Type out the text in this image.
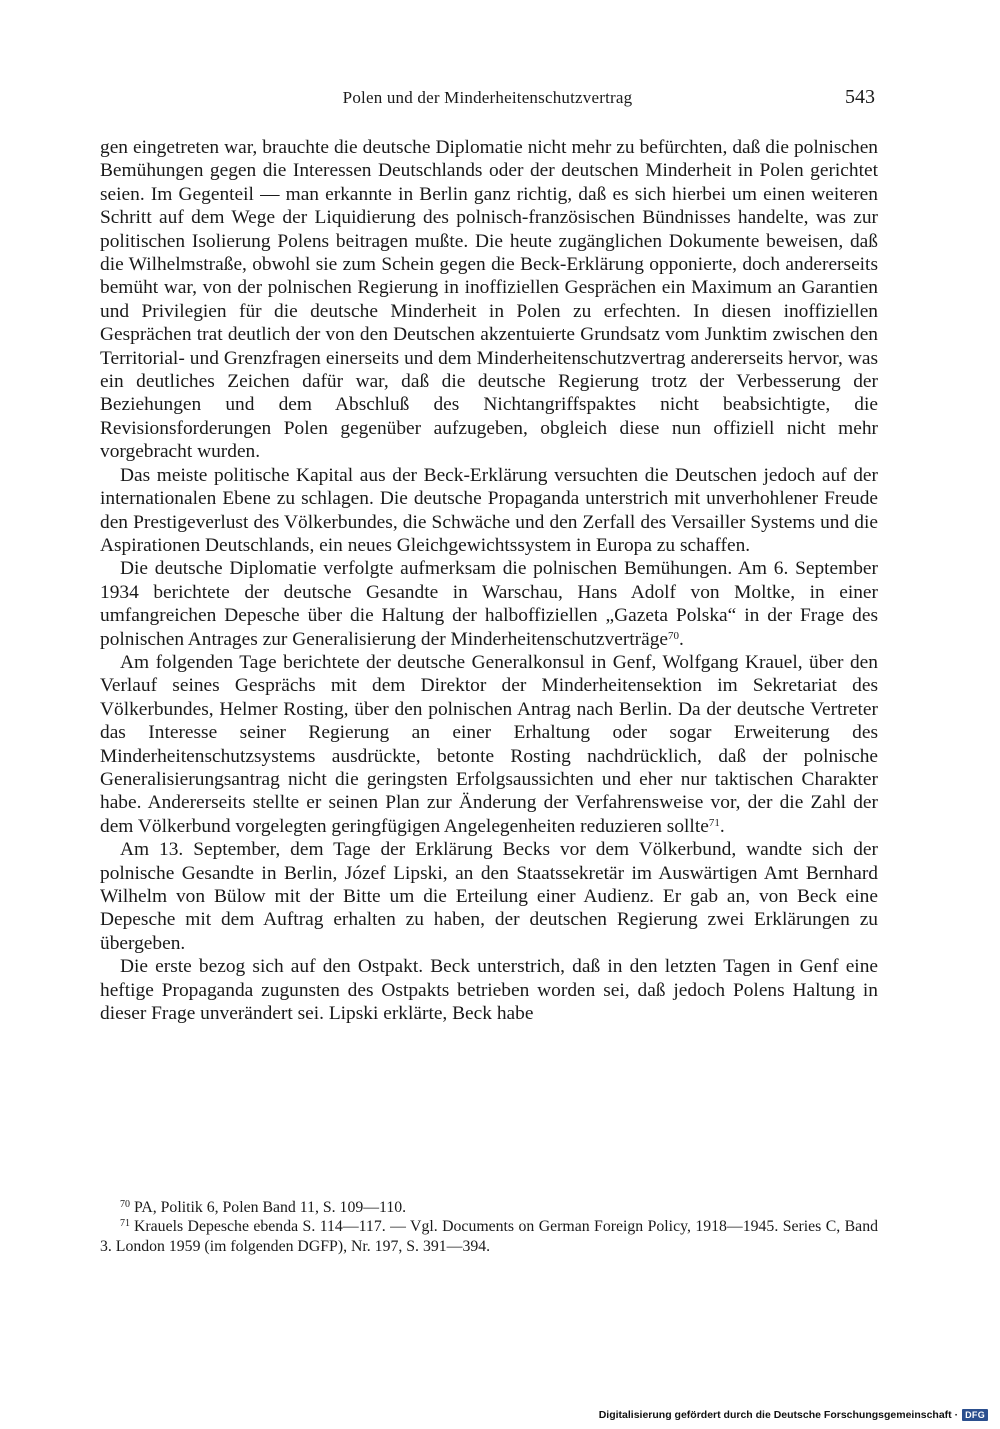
Polen und der Minderheitenschutzvertrag	543

gen eingetreten war, brauchte die deutsche Diplomatie nicht mehr zu befürchten, daß die polnischen Bemühungen gegen die Interessen Deutschlands oder der deutschen Minderheit in Polen gerichtet seien. Im Gegenteil — man erkannte in Berlin ganz richtig, daß es sich hierbei um einen weiteren Schritt auf dem Wege der Liquidierung des polnisch-französischen Bündnisses handelte, was zur politischen Isolierung Polens beitragen mußte. Die heute zugänglichen Dokumente beweisen, daß die Wilhelmstraße, obwohl sie zum Schein gegen die Beck-Erklärung opponierte, doch andererseits bemüht war, von der polnischen Regierung in inoffiziellen Gesprächen ein Maximum an Garantien und Privilegien für die deutsche Minderheit in Polen zu erfechten. In diesen inoffiziellen Gesprächen trat deutlich der von den Deutschen akzentuierte Grundsatz vom Junktim zwischen den Territorial- und Grenzfragen einerseits und dem Minderheitenschutzvertrag andererseits hervor, was ein deutliches Zeichen dafür war, daß die deutsche Regierung trotz der Verbesserung der Beziehungen und dem Abschluß des Nichtangriffspaktes nicht beabsichtigte, die Revisionsforderungen Polen gegenüber aufzugeben, obgleich diese nun offiziell nicht mehr vorgebracht wurden.

Das meiste politische Kapital aus der Beck-Erklärung versuchten die Deutschen jedoch auf der internationalen Ebene zu schlagen. Die deutsche Propaganda unterstrich mit unverhohlener Freude den Prestigeverlust des Völkerbundes, die Schwäche und den Zerfall des Versailler Systems und die Aspirationen Deutschlands, ein neues Gleichgewichtssystem in Europa zu schaffen.

Die deutsche Diplomatie verfolgte aufmerksam die polnischen Bemühungen. Am 6. September 1934 berichtete der deutsche Gesandte in Warschau, Hans Adolf von Moltke, in einer umfangreichen Depesche über die Haltung der halboffiziellen „Gazeta Polska“ in der Frage des polnischen Antrages zur Generalisierung der Minderheitenschutzverträge$^{70}$.

Am folgenden Tage berichtete der deutsche Generalkonsul in Genf, Wolfgang Krauel, über den Verlauf seines Gesprächs mit dem Direktor der Minderheitensektion im Sekretariat des Völkerbundes, Helmer Rosting, über den polnischen Antrag nach Berlin. Da der deutsche Vertreter das Interesse seiner Regierung an einer Erhaltung oder sogar Erweiterung des Minderheitenschutzsystems ausdrückte, betonte Rosting nachdrücklich, daß der polnische Generalisierungsantrag nicht die geringsten Erfolgsaussichten und eher nur taktischen Charakter habe. Andererseits stellte er seinen Plan zur Änderung der Verfahrensweise vor, der die Zahl der dem Völkerbund vorgelegten geringfügigen Angelegenheiten reduzieren sollte$^{71}$.

Am 13. September, dem Tage der Erklärung Becks vor dem Völkerbund, wandte sich der polnische Gesandte in Berlin, Józef Lipski, an den Staatssekretär im Auswärtigen Amt Bernhard Wilhelm von Bülow mit der Bitte um die Erteilung einer Audienz. Er gab an, von Beck eine Depesche mit dem Auftrag erhalten zu haben, der deutschen Regierung zwei Erklärungen zu übergeben.

Die erste bezog sich auf den Ostpakt. Beck unterstrich, daß in den letzten Tagen in Genf eine heftige Propaganda zugunsten des Ostpakts betrieben worden sei, daß jedoch Polens Haltung in dieser Frage unverändert sei. Lipski erklärte, Beck habe

$^{70}$ PA, Politik 6, Polen Band 11, S. 109—110.

$^{71}$ Krauels Depesche ebenda S. 114—117. — Vgl. Documents on German Foreign Policy, 1918—1945. Series C, Band 3. London 1959 (im folgenden DGFP), Nr. 197, S. 391—394.

Digitalisierung gefördert durch die Deutsche Forschungsgemeinschaft · DFG
